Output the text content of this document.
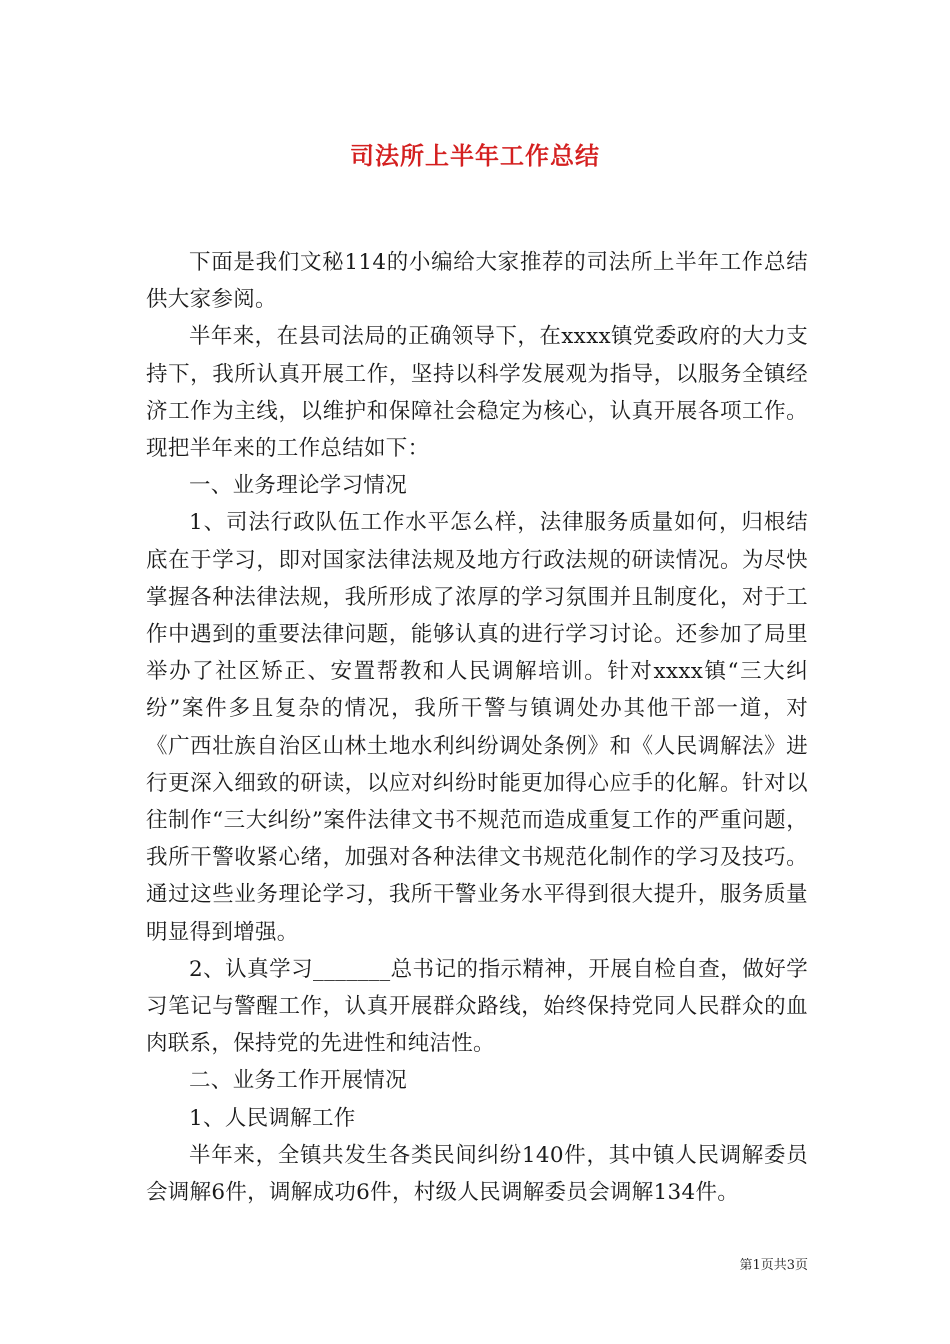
司法所上半年工作总结

下面是我们文秘114的小编给大家推荐的司法所上半年工作总结供大家参阅。

半年来，在县司法局的正确领导下，在xxxx镇党委政府的大力支持下，我所认真开展工作，坚持以科学发展观为指导，以服务全镇经济工作为主线，以维护和保障社会稳定为核心，认真开展各项工作。现把半年来的工作总结如下：

一、业务理论学习情况

1、司法行政队伍工作水平怎么样，法律服务质量如何，归根结底在于学习，即对国家法律法规及地方行政法规的研读情况。为尽快掌握各种法律法规，我所形成了浓厚的学习氛围并且制度化，对于工作中遇到的重要法律问题，能够认真的进行学习讨论。还参加了局里举办了社区矫正、安置帮教和人民调解培训。针对xxxx镇“三大纠纷”案件多且复杂的情况，我所干警与镇调处办其他干部一道，对《广西壮族自治区山林土地水利纠纷调处条例》和《人民调解法》进行更深入细致的研读，以应对纠纷时能更加得心应手的化解。针对以往制作“三大纠纷”案件法律文书不规范而造成重复工作的严重问题，我所干警收紧心绪，加强对各种法律文书规范化制作的学习及技巧。通过这些业务理论学习，我所干警业务水平得到很大提升，服务质量明显得到增强。

2、认真学习_______总书记的指示精神，开展自检自查，做好学习笔记与警醒工作，认真开展群众路线，始终保持党同人民群众的血肉联系，保持党的先进性和纯洁性。

二、业务工作开展情况

1、人民调解工作

半年来，全镇共发生各类民间纠纷140件，其中镇人民调解委员会调解6件，调解成功6件，村级人民调解委员会调解134件。

第1页共3页
